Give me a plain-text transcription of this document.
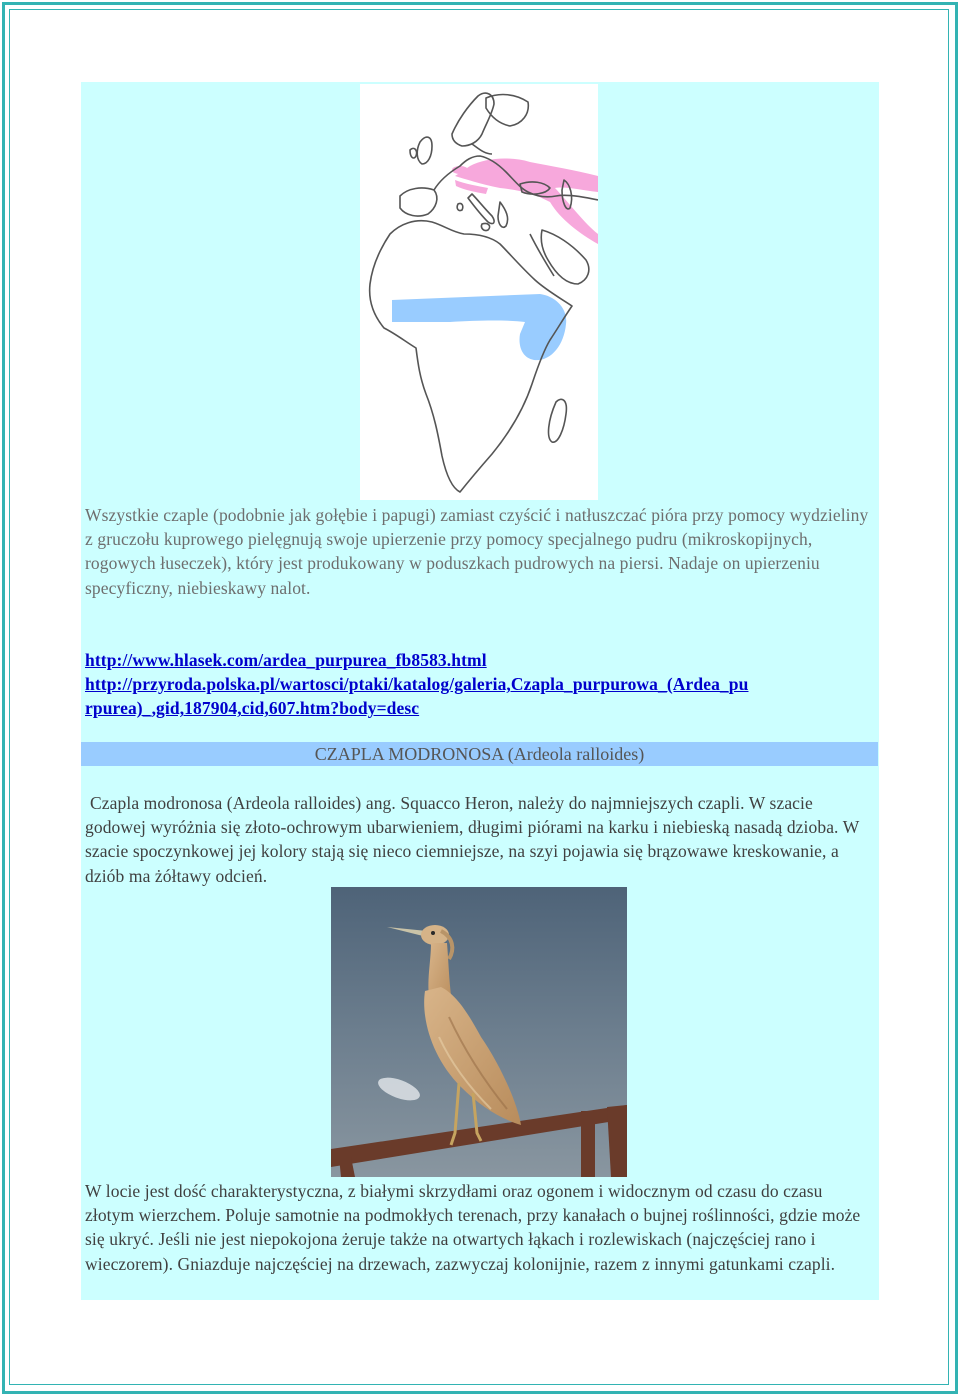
Wszystkie czaple (podobnie jak gołębie i papugi) zamiast czyścić i natłuszczać pióra przy pomocy wydzieliny z gruczołu kuprowego pielęgnują swoje upierzenie przy pomocy specjalnego pudru (mikroskopijnych, rogowych łuseczek), który jest produkowany w poduszkach pudrowych na piersi. Nadaje on upierzeniu specyficzny, niebieskawy nalot.
http://www.hlasek.com/ardea_purpurea_fb8583.html
http://przyroda.polska.pl/wartosci/ptaki/katalog/galeria,Czapla_purpurowa_(Ardea_pu
rpurea)_,gid,187904,cid,607.htm?body=desc
CZAPLA MODRONOSA (Ardeola ralloides)
Czapla modronosa (Ardeola ralloides) ang. Squacco Heron, należy do najmniejszych czapli. W szacie godowej wyróżnia się złoto-ochrowym ubarwieniem, długimi piórami na karku i niebieską nasadą dzioba. W szacie spoczynkowej jej kolory stają się nieco ciemniejsze, na szyi pojawia się brązowawe kreskowanie, a dziób ma żółtawy odcień.
W locie jest dość charakterystyczna, z białymi skrzydłami oraz ogonem i widocznym od czasu do czasu złotym wierzchem. Poluje samotnie na podmokłych terenach, przy kanałach o bujnej roślinności, gdzie może się ukryć. Jeśli nie jest niepokojona żeruje także na otwartych łąkach i rozlewiskach (najczęściej rano i wieczorem). Gniazduje najczęściej na drzewach, zazwyczaj kolonijnie, razem z innymi gatunkami czapli.
